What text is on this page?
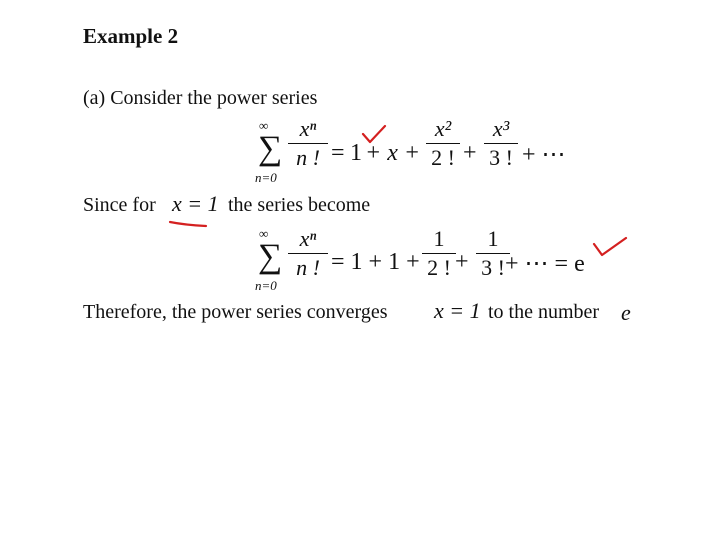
Example 2
(a) Consider the power series
∞
∑
n=0
xⁿ
n ! = 1 + x +
x²
2 ! +
x³
3 ! + ⋯
Since for x = 1 the series become
∞
∑
n=0
xⁿ
n ! = 1 + 1 +
1
2 ! +
1
3 ! + ⋯ = e
Therefore, the power series converges x = 1 to the number e
